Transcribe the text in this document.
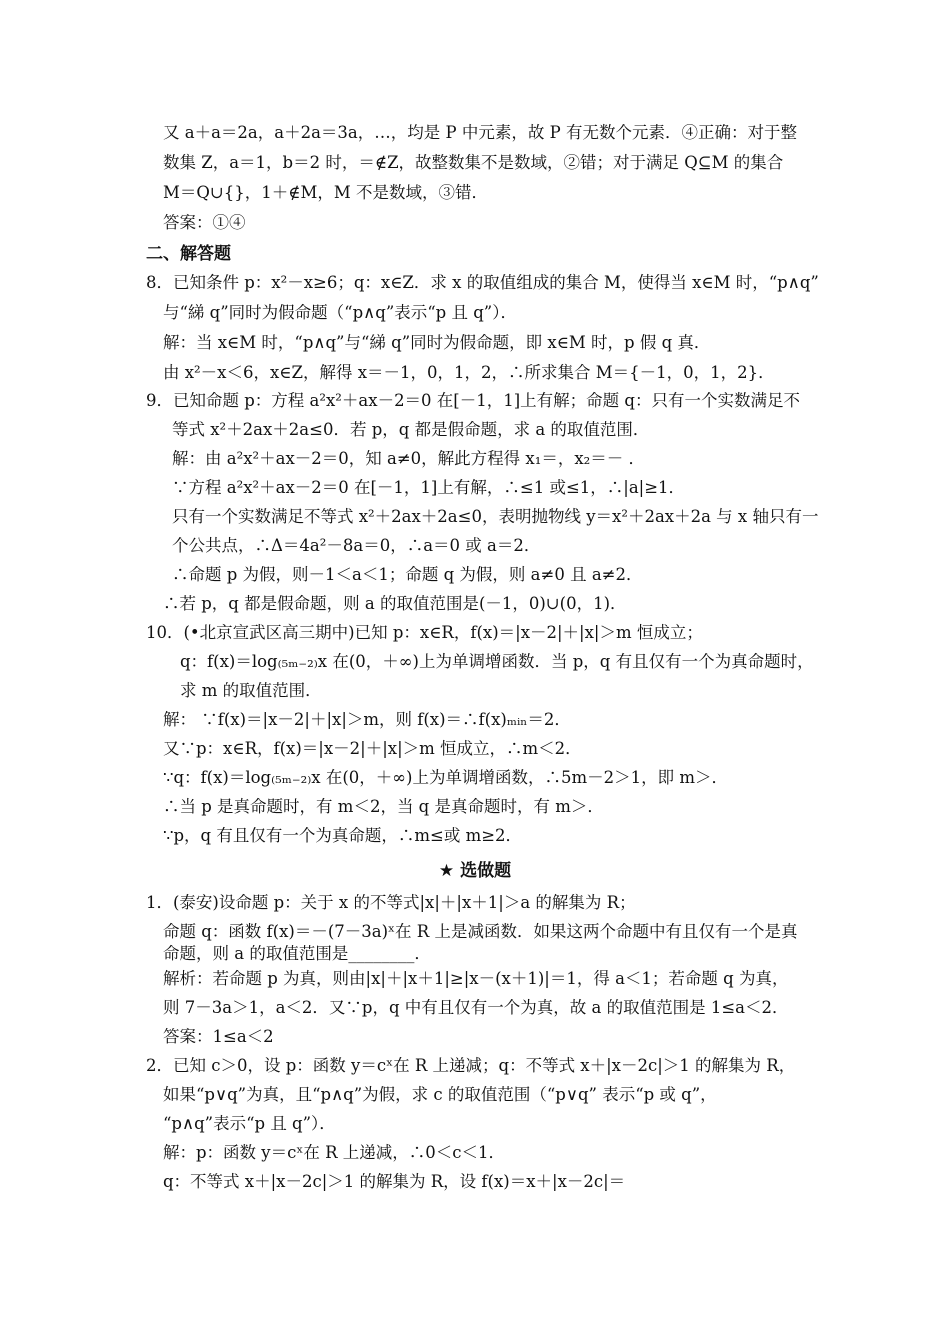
又 a＋a＝2a，a＋2a＝3a，…，均是 P 中元素，故 P 有无数个元素．④正确：对于整
数集 Z，a＝1，b＝2 时，＝∉Z，故整数集不是数域，②错；对于满足 Q⊆M 的集合
M＝Q∪{}，1＋∉M，M 不是数域，③错．
答案：①④
二、解答题
8．已知条件 p：x²－x≥6；q：x∈Z．求 x 的取值组成的集合 M，使得当 x∈M 时，“p∧q”
与“綈 q”同时为假命题（“p∧q”表示“p 且 q”）．
解：当 x∈M 时，“p∧q”与“綈 q”同时为假命题，即 x∈M 时，p 假 q 真．
由 x²－x＜6，x∈Z，解得 x＝－1，0，1，2，∴所求集合 M＝{－1，0，1，2}．
9．已知命题 p：方程 a²x²＋ax－2＝0 在[－1，1]上有解；命题 q：只有一个实数满足不
等式 x²＋2ax＋2a≤0．若 p，q 都是假命题，求 a 的取值范围．
解：由 a²x²＋ax－2＝0，知 a≠0，解此方程得 x₁＝，x₂＝－ ．
∵方程 a²x²＋ax－2＝0 在[－1，1]上有解，∴≤1 或≤1，∴|a|≥1．
只有一个实数满足不等式 x²＋2ax＋2a≤0，表明抛物线 y＝x²＋2ax＋2a 与 x 轴只有一
个公共点，∴Δ＝4a²－8a＝0，∴a＝0 或 a＝2．
∴命题 p 为假，则－1＜a＜1；命题 q 为假，则 a≠0 且 a≠2．
∴若 p，q 都是假命题，则 a 的取值范围是(－1，0)∪(0，1)．
10．(•北京宣武区高三期中)已知 p：x∈R，f(x)＝|x－2|＋|x|＞m 恒成立；
q：f(x)＝log₍₅ₘ₋₂₎x 在(0，＋∞)上为单调增函数．当 p，q 有且仅有一个为真命题时，
求 m 的取值范围．
解： ∵f(x)＝|x－2|＋|x|＞m，则 f(x)＝∴f(x)ₘᵢₙ＝2．
又∵p：x∈R，f(x)＝|x－2|＋|x|＞m 恒成立，∴m＜2．
∵q：f(x)＝log₍₅ₘ₋₂₎x 在(0，＋∞)上为单调增函数，∴5m－2＞1，即 m＞．
∴当 p 是真命题时，有 m＜2，当 q 是真命题时，有 m＞．
∵p，q 有且仅有一个为真命题，∴m≤或 m≥2．
1．(泰安)设命题 p：关于 x 的不等式|x|＋|x＋1|＞a 的解集为 R；
命题 q：函数 f(x)＝－(7－3a)ˣ在 R 上是减函数．如果这两个命题中有且仅有一个是真
命题，则 a 的取值范围是________．
解析：若命题 p 为真，则由|x|＋|x＋1|≥|x－(x＋1)|＝1，得 a＜1；若命题 q 为真，
则 7－3a＞1，a＜2．又∵p，q 中有且仅有一个为真，故 a 的取值范围是 1≤a＜2．
答案：1≤a＜2
2．已知 c＞0，设 p：函数 y＝cˣ在 R 上递减；q：不等式 x＋|x－2c|＞1 的解集为 R，
如果“p∨q”为真，且“p∧q”为假，求 c 的取值范围（“p∨q” 表示“p 或 q”，
“p∧q”表示“p 且 q”）．
解：p：函数 y＝cˣ在 R 上递减，∴0＜c＜1．
q：不等式 x＋|x－2c|＞1 的解集为 R，设 f(x)＝x＋|x－2c|＝
★ 选做题
